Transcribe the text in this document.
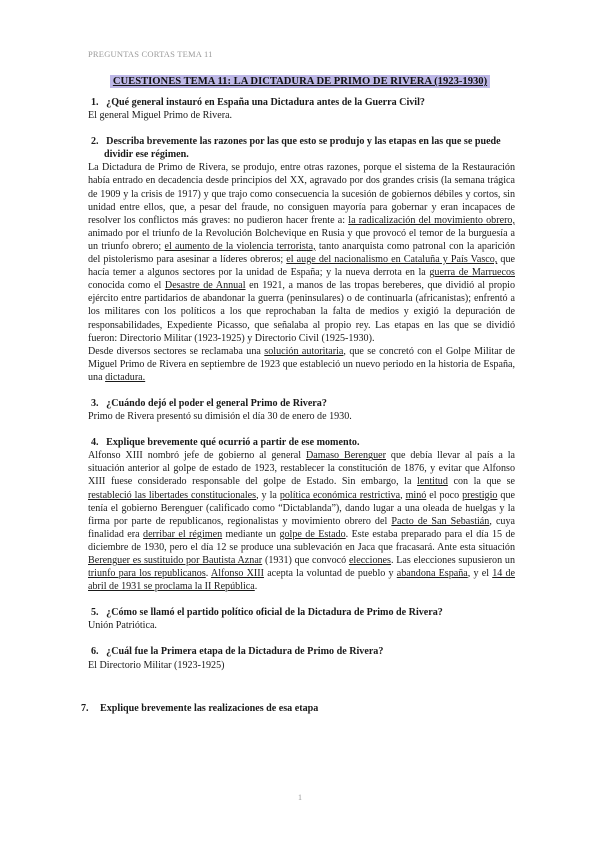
PREGUNTAS CORTAS TEMA 11
CUESTIONES TEMA 11: LA DICTADURA DE PRIMO DE RIVERA (1923-1930)

1. ¿Qué general instauró en España una Dictadura antes de la Guerra Civil?

El general Miguel Primo de Rivera.

2. Describa brevemente las razones por las que esto se produjo y las etapas en las que se puede dividir ese régimen.

La Dictadura de Primo de Rivera, se produjo, entre otras razones, porque el sistema de la Restauración había entrado en decadencia desde principios del XX, agravado por dos grandes crisis (la semana trágica de 1909 y la crisis de 1917) y que trajo como consecuencia la sucesión de gobiernos débiles y cortos, sin unidad entre ellos, que, a pesar del fraude, no consiguen mayoría para gobernar y eran incapaces de resolver los conflictos más graves: no pudieron hacer frente a: la radicalización del movimiento obrero, animado por el triunfo de la Revolución Bolchevique en Rusia y que provocó el temor de la burguesía a un triunfo obrero; el aumento de la violencia terrorista, tanto anarquista como patronal con la aparición del pistolerismo para asesinar a líderes obreros; el auge del nacionalismo en Cataluña y País Vasco, que hacía temer a algunos sectores por la unidad de España; y la nueva derrota en la guerra de Marruecos conocida como el Desastre de Annual en 1921, a manos de las tropas bereberes, que dividió al propio ejército entre partidarios de abandonar la guerra (peninsulares) o de continuarla (africanistas); enfrentó a los militares con los políticos a los que reprochaban la falta de medios y exigió la depuración de responsabilidades, Expediente Picasso, que señalaba al propio rey. Las etapas en las que se dividió fueron: Directorio Militar (1923-1925) y Directorio Civil (1925-1930).

Desde diversos sectores se reclamaba una solución autoritaria, que se concretó con el Golpe Militar de Miguel Primo de Rivera en septiembre de 1923 que estableció un nuevo periodo en la historia de España, una dictadura.

3. ¿Cuándo dejó el poder el general Primo de Rivera?

Primo de Rivera presentó su dimisión el día 30 de enero de 1930.

4. Explique brevemente qué ocurrió a partir de ese momento.

Alfonso XIII nombró jefe de gobierno al general Damaso Berenguer que debía llevar al país a la situación anterior al golpe de estado de 1923, restablecer la constitución de 1876, y evitar que Alfonso XIII fuese considerado responsable del golpe de Estado. Sin embargo, la lentitud con la que se restableció las libertades constitucionales, y la política económica restrictiva, minó el poco prestigio que tenía el gobierno Berenguer (calificado como “Dictablanda”), dando lugar a una oleada de huelgas y la firma por parte de republicanos, regionalistas y movimiento obrero del Pacto de San Sebastián, cuya finalidad era derribar el régimen mediante un golpe de Estado. Este estaba preparado para el día 15 de diciembre de 1930, pero el día 12 se produce una sublevación en Jaca que fracasará. Ante esta situación Berenguer es sustituido por Bautista Aznar (1931) que convocó elecciones. Las elecciones supusieron un triunfo para los republicanos. Alfonso XIII acepta la voluntad de pueblo y abandona España, y el 14 de abril de 1931 se proclama la II República.

5. ¿Cómo se llamó el partido político oficial de la Dictadura de Primo de Rivera?

Unión Patriótica.

6. ¿Cuál fue la Primera etapa de la Dictadura de Primo de Rivera?

El Directorio Militar (1923-1925)

7. Explique brevemente las realizaciones de esa etapa

1
